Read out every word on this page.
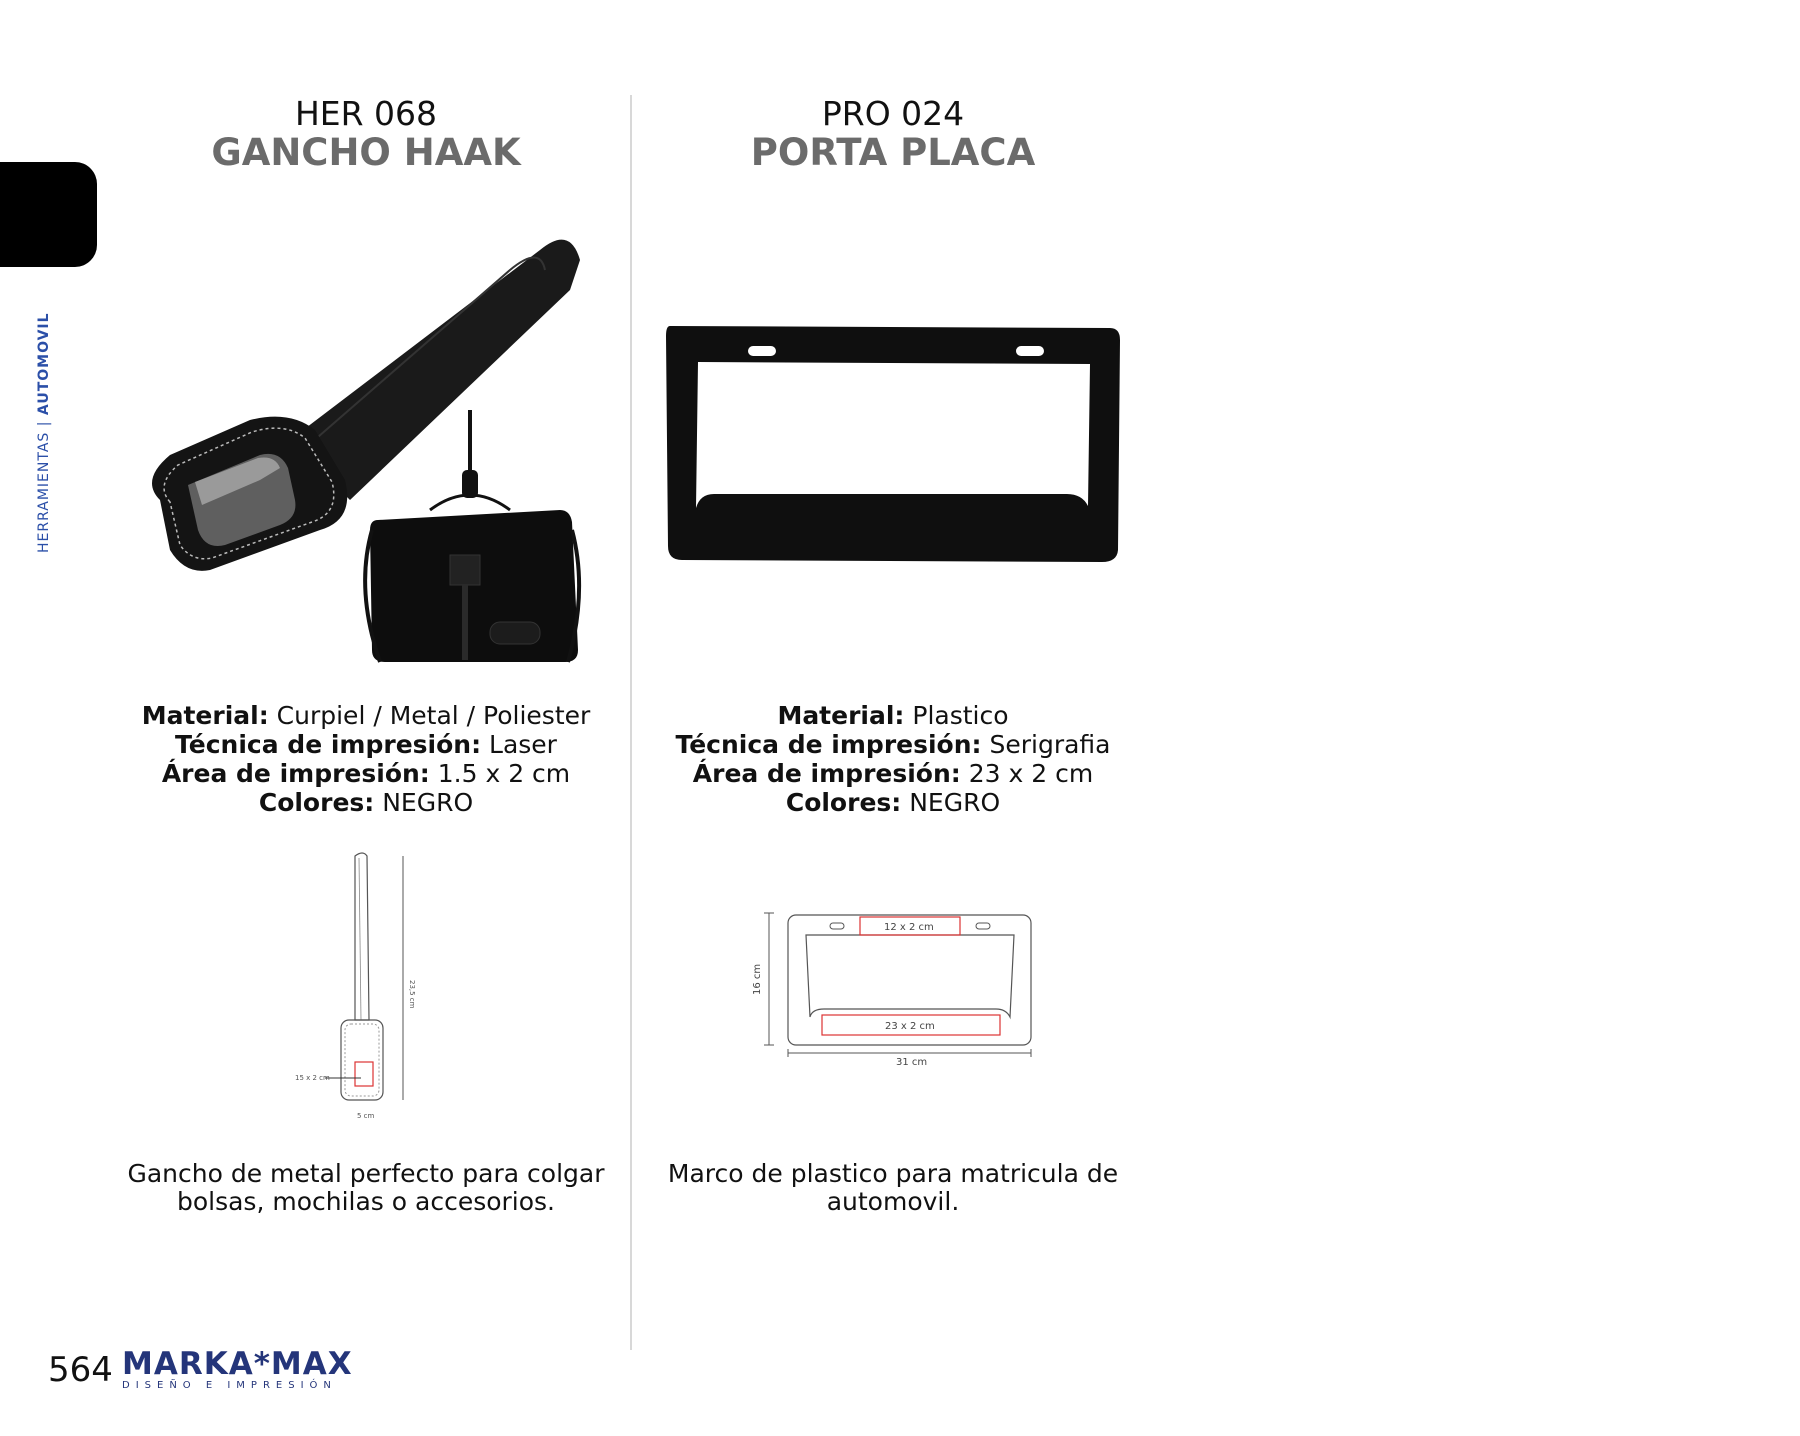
HERRAMIENTAS | AUTOMOVIL
HER 068
GANCHO HAAK
Material: Curpiel / Metal / Poliester
Técnica de impresión: Laser
Área de impresión: 1.5 x 2 cm
Colores: NEGRO
23,5 cm
15 x 2 cm
5 cm
Gancho de metal perfecto para colgar bolsas, mochilas o accesorios.
PRO 024
PORTA PLACA
Material: Plastico
Técnica de impresión: Serigrafia
Área de impresión: 23 x 2 cm
Colores: NEGRO
16 cm
12 x 2 cm
23 x 2 cm
31 cm
Marco de plastico para matricula de automovil.
564 MARKA*MAX
DISEÑO E IMPRESIÓN
